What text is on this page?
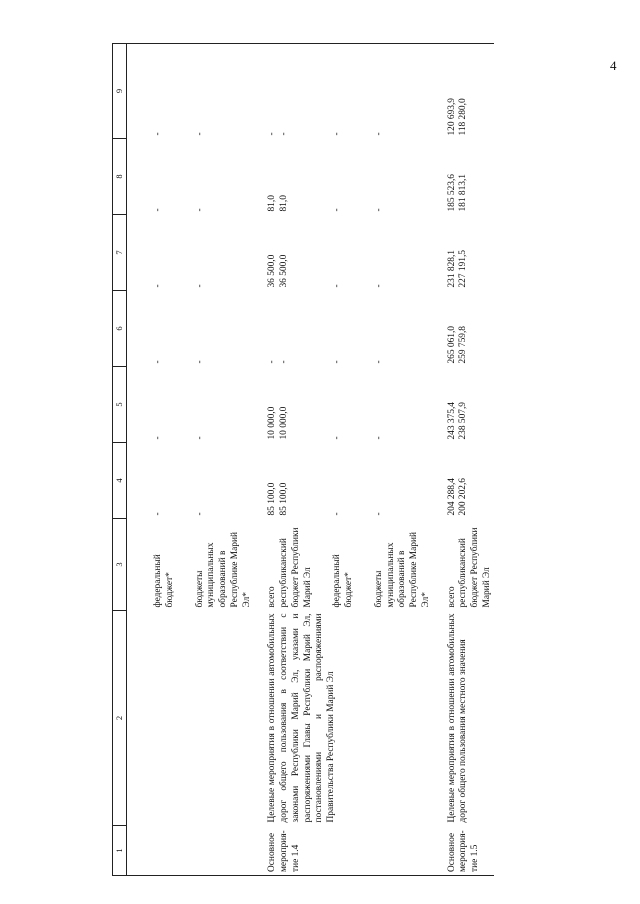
4
1	2	3	4	5	6	7	8	9

		федеральный бюджет*	-	-	-	-	-	-
		бюджеты муниципальных образований в Республике Марий Эл*	-	-	-	-	-	-

Основное мероприя-тие 1.4	Целевые мероприятия в отношении автомобильных дорог общего пользования в соответствии с законами Республики Марий Эл, указами и распоряжениями Главы Республики Марий Эл, постановлениями и распоряжениями Правительства Республики Марий Эл	всего	85 100,0	10 000,0	-	36 500,0	81,0	-
		республиканский бюджет Республики Марий Эл	85 100,0	10 000,0	-	36 500,0	81,0	-
		федеральный бюджет*	-	-	-	-	-	-
		бюджеты муниципальных образований в Республике Марий Эл*	-	-	-	-	-	-

Основное мероприя-тие 1.5	Целевые мероприятия в отношении автомобильных дорог общего пользования местного значения	всего	204 288,4	243 375,4	265 061,0	231 828,1	185 523,6	120 693,9
		республиканский бюджет Республики Марий Эл	200 202,6	238 507,9	259 759,8	227 191,5	181 813,1	118 280,0
